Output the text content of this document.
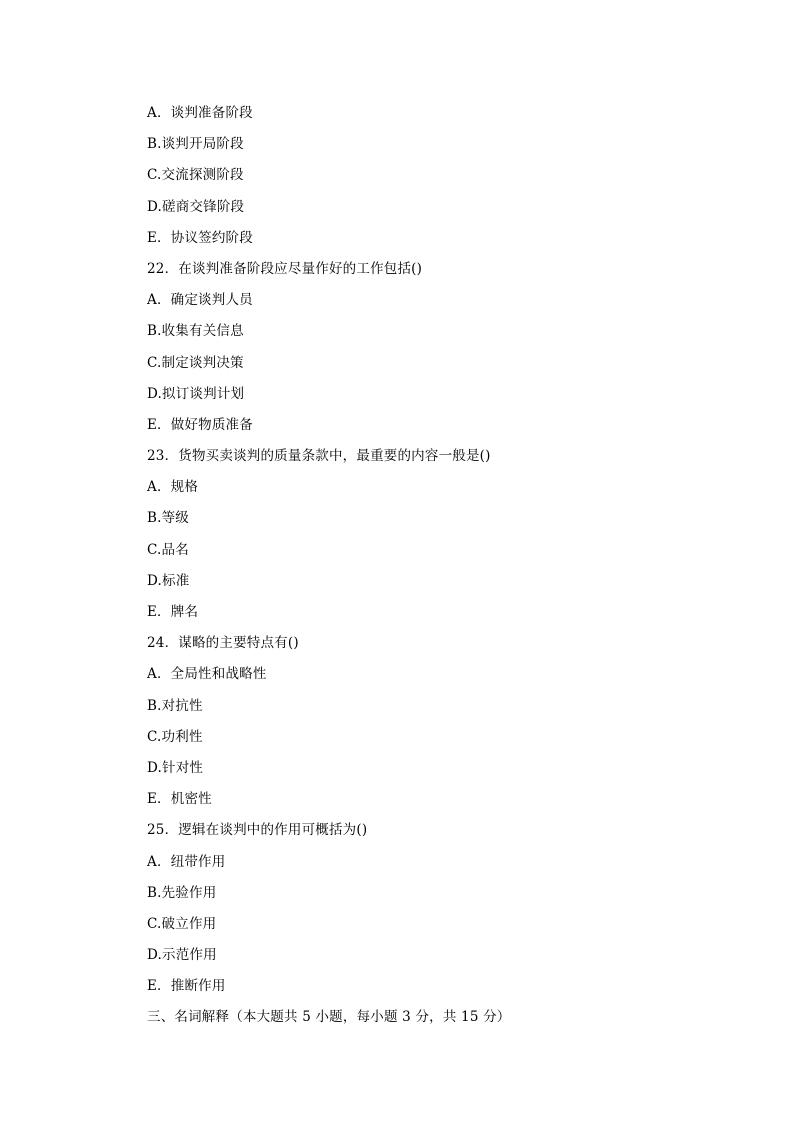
A．谈判准备阶段
B.谈判开局阶段
C.交流探测阶段
D.磋商交锋阶段
E．协议签约阶段
22．在谈判准备阶段应尽量作好的工作包括()
A．确定谈判人员
B.收集有关信息
C.制定谈判决策
D.拟订谈判计划
E．做好物质准备
23．货物买卖谈判的质量条款中，最重要的内容一般是()
A．规格
B.等级
C.品名
D.标准
E．牌名
24．谋略的主要特点有()
A．全局性和战略性
B.对抗性
C.功利性
D.针对性
E．机密性
25．逻辑在谈判中的作用可概括为()
A．纽带作用
B.先验作用
C.破立作用
D.示范作用
E．推断作用
三、名词解释（本大题共 5 小题，每小题 3 分，共 15 分）
